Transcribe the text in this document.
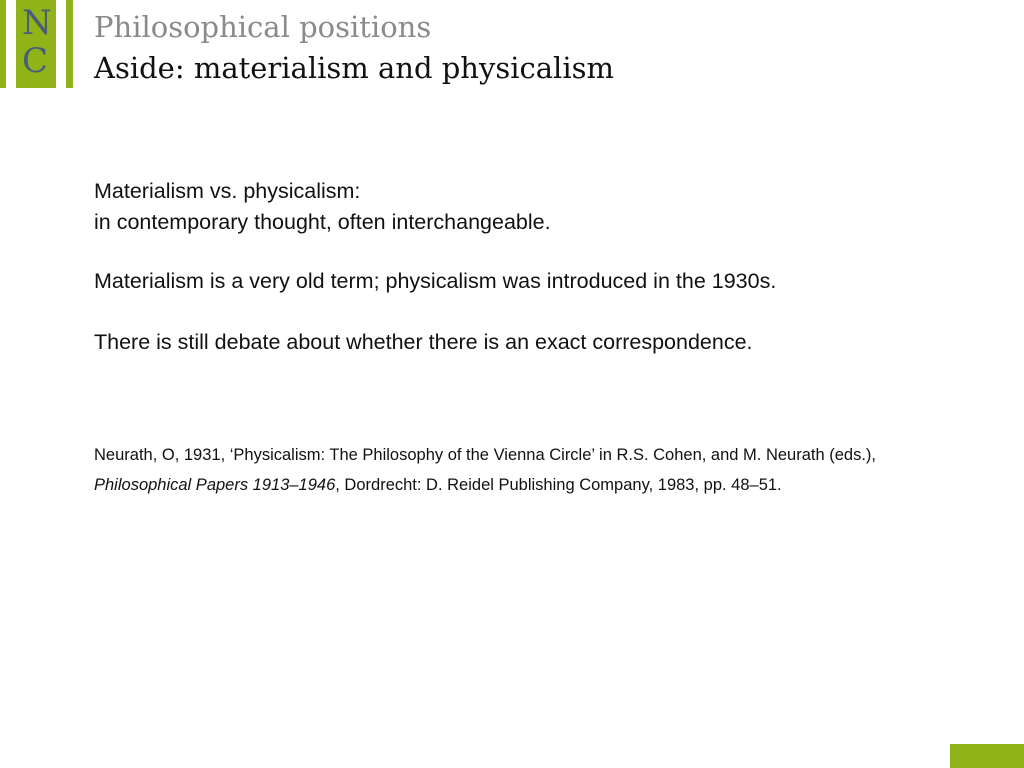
N
C
Philosophical positions
Aside: materialism and physicalism
Materialism vs. physicalism:
in contemporary thought, often interchangeable.
Materialism is a very old term; physicalism was introduced in the 1930s.
There is still debate about whether there is an exact correspondence.
Neurath, O, 1931, ‘Physicalism: The Philosophy of the Vienna Circle’ in R.S. Cohen, and M. Neurath (eds.), Philosophical Papers 1913–1946, Dordrecht: D. Reidel Publishing Company, 1983, pp. 48–51.
